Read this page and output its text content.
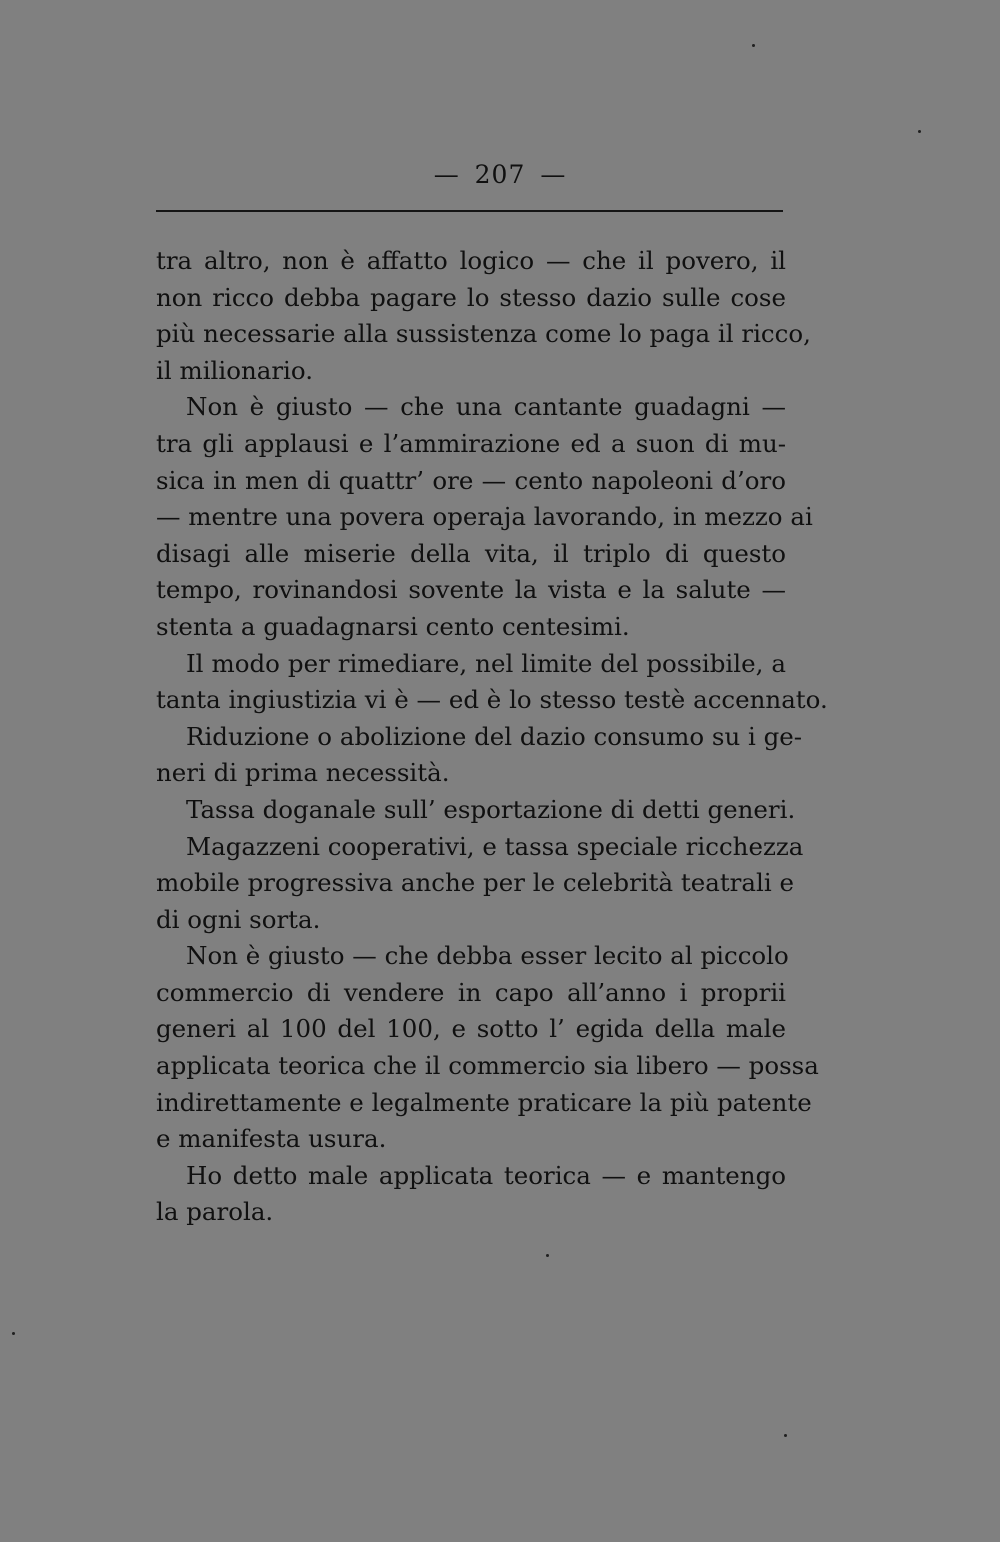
— 207 —
tra altro, non è affatto logico — che il povero, il
non ricco debba pagare lo stesso dazio sulle cose
più necessarie alla sussistenza come lo paga il ricco,
il milionario.
Non è giusto — che una cantante guadagni —
tra gli applausi e l’ammirazione ed a suon di mu-
sica in men di quattr’ ore — cento napoleoni d’oro
— mentre una povera operaja lavorando, in mezzo ai
disagi alle miserie della vita, il triplo di questo
tempo, rovinandosi sovente la vista e la salute —
stenta a guadagnarsi cento centesimi.
Il modo per rimediare, nel limite del possibile, a
tanta ingiustizia vi è — ed è lo stesso testè accennato.
Riduzione o abolizione del dazio consumo su i ge-
neri di prima necessità.
Tassa doganale sull’ esportazione di detti generi.
Magazzeni cooperativi, e tassa speciale ricchezza
mobile progressiva anche per le celebrità teatrali e
di ogni sorta.
Non è giusto — che debba esser lecito al piccolo
commercio di vendere in capo all’anno i proprii
generi al 100 del 100, e sotto l’ egida della male
applicata teorica che il commercio sia libero — possa
indirettamente e legalmente praticare la più patente
e manifesta usura.
Ho detto male applicata teorica — e mantengo
la parola.
